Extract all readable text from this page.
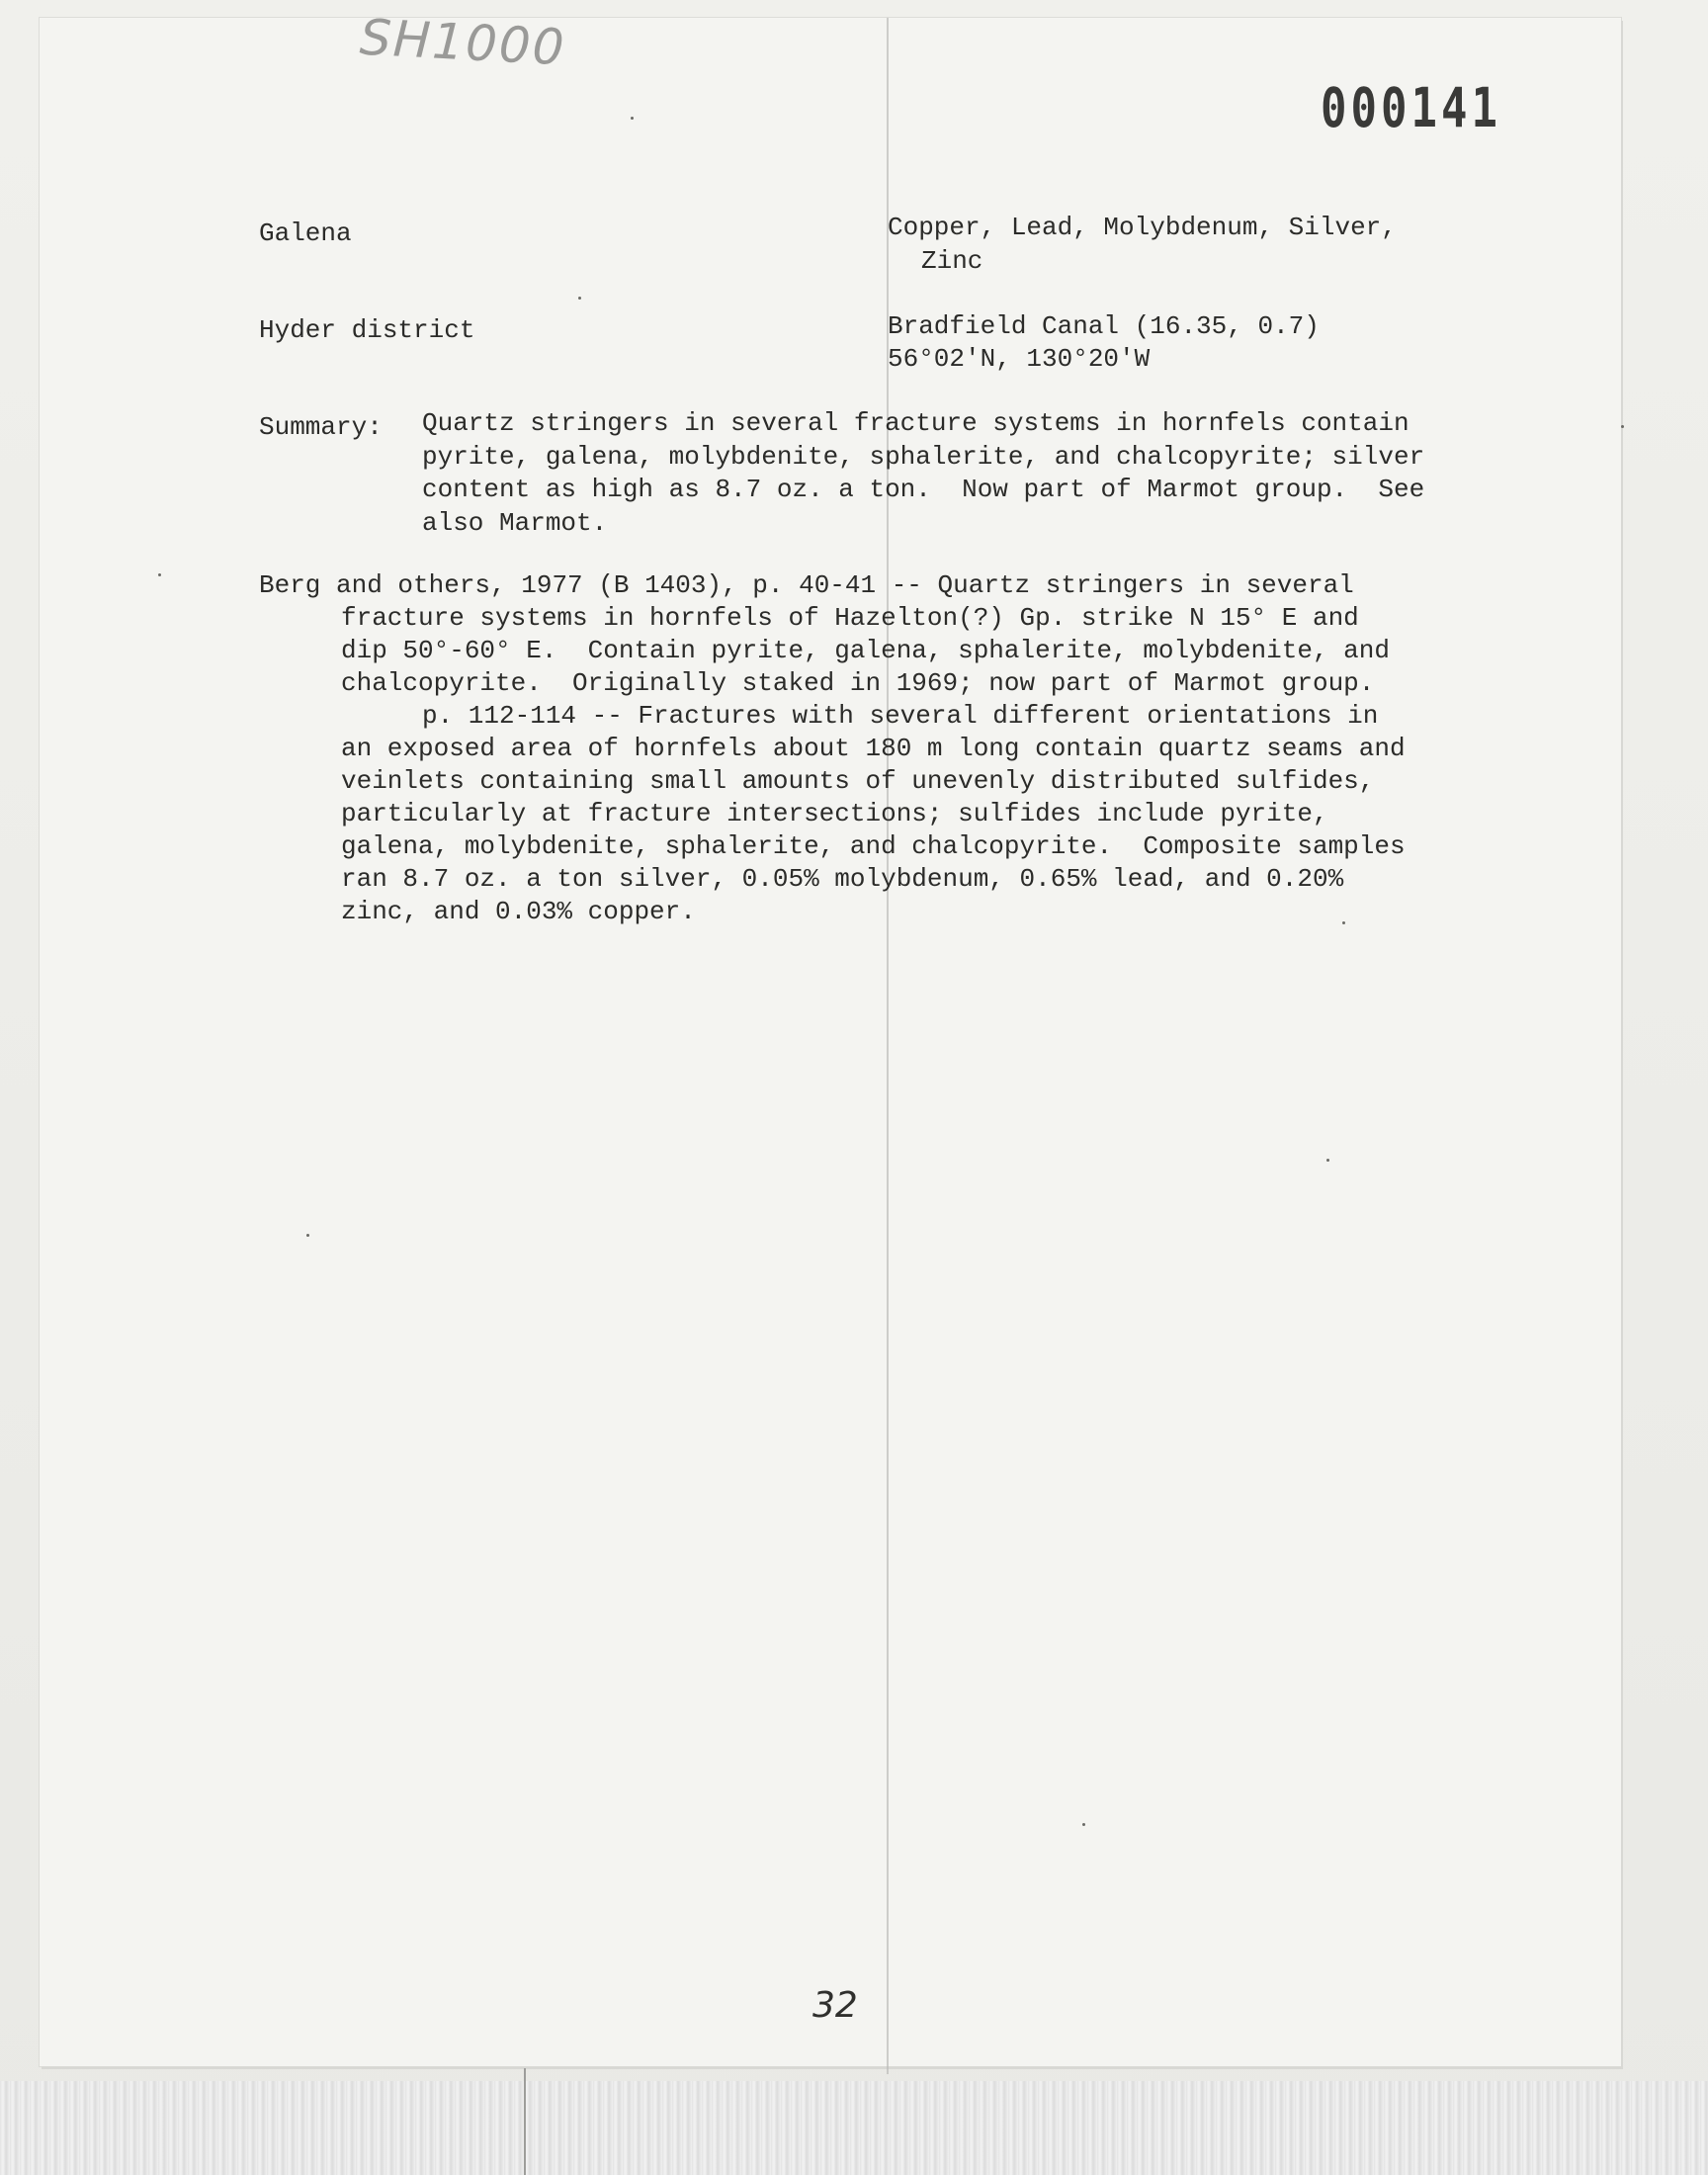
SH1000

000141

Galena	Copper, Lead, Molybdenum, Silver,

Zinc

Hyder district	Bradfield Canal (16.35, 0.7)

56°02'N, 130°20'W

Summary: Quartz stringers in several fracture systems in hornfels contain

pyrite, galena, molybdenite, sphalerite, and chalcopyrite; silver

content as high as 8.7 oz. a ton.  Now part of Marmot group.  See

also Marmot.

Berg and others, 1977 (B 1403), p. 40-41 -- Quartz stringers in several

fracture systems in hornfels of Hazelton(?) Gp. strike N 15° E and

dip 50°-60° E.  Contain pyrite, galena, sphalerite, molybdenite, and

chalcopyrite.  Originally staked in 1969; now part of Marmot group.

p. 112-114 -- Fractures with several different orientations in

an exposed area of hornfels about 180 m long contain quartz seams and

veinlets containing small amounts of unevenly distributed sulfides,

particularly at fracture intersections; sulfides include pyrite,

galena, molybdenite, sphalerite, and chalcopyrite.  Composite samples

ran 8.7 oz. a ton silver, 0.05% molybdenum, 0.65% lead, and 0.20%

zinc, and 0.03% copper.

32
